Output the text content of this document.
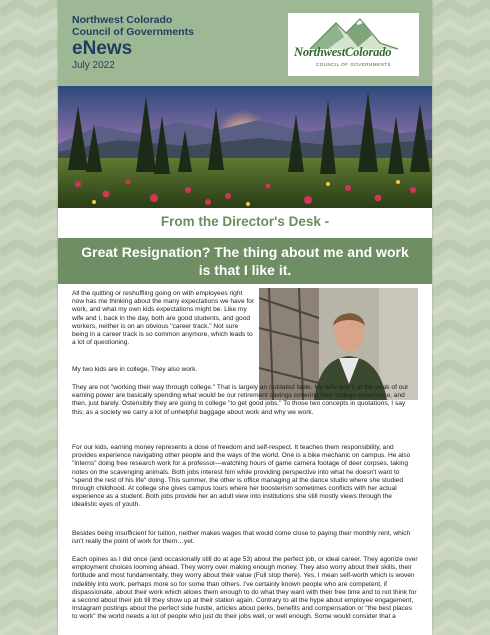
Northwest Colorado Council of Governments
eNews
July 2022
NorthwestColorado
COUNCIL OF GOVERNMENTS
From the Director's Desk -
Great Resignation? The thing about me and work is that I like it.

All the quitting or reshuffling going on with employees right now has me thinking about the many expectations we have for work, and what my own kids expectations might be. Like my wife and I, back in the day, both are good students, and good workers, neither is on an obvious "career track." Not sure being in a career track is so common anymore, which leads to a lot of questioning.

My two kids are in college. They also work.

They are not "working their way through college." That is largely an outdated fable. My wife and I, at the peak of our earning power are basically spending what would be our retirement savings covering their college experience, and then, just barely. Ostensibly they are going to college "to get good jobs." To those two concepts in quotations, I say this; as a society we carry a lot of unhelpful baggage about work and why we work.

For our kids, earning money represents a dose of freedom and self-respect. It teaches them responsibility, and provides experience navigating other people and the ways of the world. One is a bike mechanic on campus. He also "interns" doing free research work for a professor—watching hours of game camera footage of deer corpses, taking notes on the scavenging animals. Both jobs interest him while providing perspective into what he doesn't want to "spend the rest of his life" doing. This summer, the other is office managing at the dance studio where she studied through childhood. At college she gives campus tours where her boosterism sometimes conflicts with her actual experience as a student. Both jobs provide her an adult view into institutions she still mostly views through the idealistic eyes of youth.

Besides being insufficient for tuition, neither makes wages that would come close to paying their monthly rent, which isn't really the point of work for them…yet.

Each opines as I did once (and occasionally still do at age 53) about the perfect job, or ideal career. They agonize over employment choices looming ahead. They worry over making enough money. They also worry about their skills, their fortitude and most fundamentally, they worry about their value (Full stop there). Yes, I mean self-worth which is woven indelibly into work, perhaps more so for some than others. I've certainly known people who are competent, if dispassionate, about their work which allows them enough to do what they want with their free time and to not think for a second about their job till they show up at their station again. Contrary to all the hype about employee engagement, Instagram postings about the perfect side hustle, articles about perks, benefits and compensation or "the best places to work" the world needs a lot of people who just do their jobs well, or well enough. Some would consider that a
